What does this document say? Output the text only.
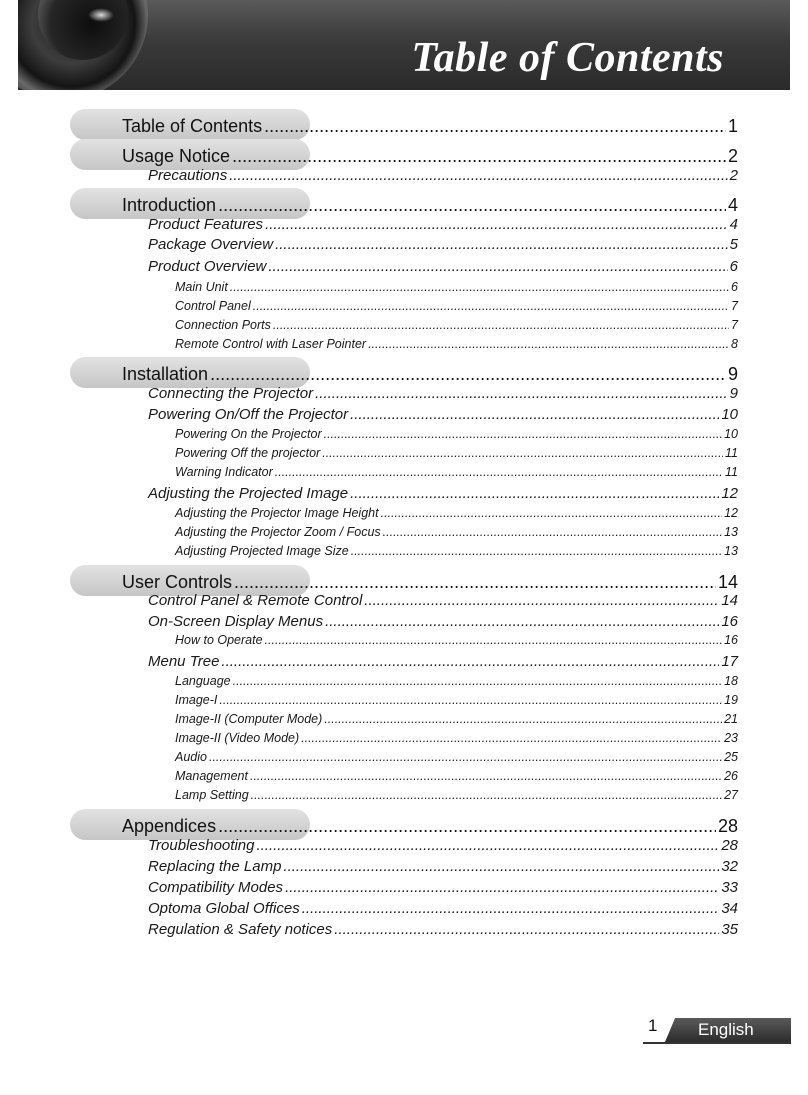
Table of Contents
Table of Contents .....	1
Usage Notice .....	2
Precautions .....	2
Introduction .....	4
Product Features .....	4
Package Overview .....	5
Product Overview .....	6
Main Unit .....	6
Control Panel .....	7
Connection Ports .....	7
Remote Control with Laser Pointer .....	8
Installation .....	9
Connecting the Projector .....	9
Powering On/Off the Projector .....	10
Powering On the Projector .....	10
Powering Off the projector .....	11
Warning Indicator .....	11
Adjusting the Projected Image .....	12
Adjusting the Projector Image Height .....	12
Adjusting the Projector Zoom / Focus .....	13
Adjusting Projected Image Size .....	13
User Controls .....	14
Control Panel & Remote Control .....	14
On-Screen Display Menus .....	16
How to Operate .....	16
Menu Tree .....	17
Language .....	18
Image-I .....	19
Image-II (Computer Mode) .....	21
Image-II (Video Mode) .....	23
Audio .....	25
Management .....	26
Lamp Setting .....	27
Appendices .....	28
Troubleshooting .....	28
Replacing the Lamp .....	32
Compatibility Modes .....	33
Optoma Global Offices .....	34
Regulation & Safety notices .....	35
1 English
